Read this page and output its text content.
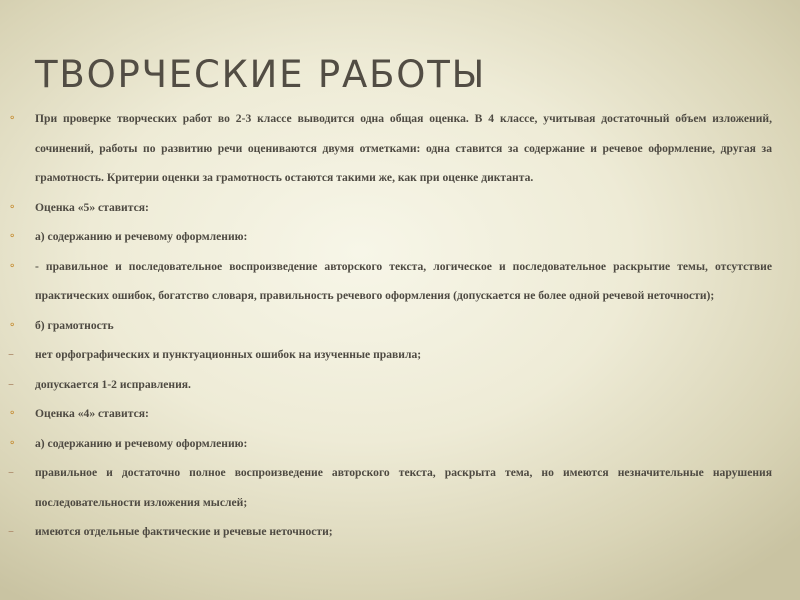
ТВОРЧЕСКИЕ РАБОТЫ
⚬ При проверке творческих работ во 2-3 классе выводится одна общая оценка. В 4 классе, учитывая достаточный объем изложений, сочинений, работы по развитию речи оцениваются двумя отметками: одна ставится за содержание и речевое оформление, другая за грамотность. Критерии оценки за грамотность остаются такими же, как при оценке диктанта.
⚬ Оценка «5» ставится:
⚬ а) содержанию и речевому оформлению:
⚬ - правильное и последовательное воспроизведение авторского текста, логическое и последовательное раскрытие темы, отсутствие практических ошибок, богатство словаря, правильность речевого оформления (допускается не более одной речевой неточности);
⚬ б) грамотность
–	нет орфографических и пунктуационных ошибок на изученные правила;
–	допускается 1-2 исправления.
⚬ Оценка «4» ставится:
⚬ а) содержанию и речевому оформлению:
–	правильное и достаточно полное воспроизведение авторского текста, раскрыта тема, но имеются незначительные нарушения последовательности изложения мыслей;
–	имеются отдельные фактические и речевые неточности;
